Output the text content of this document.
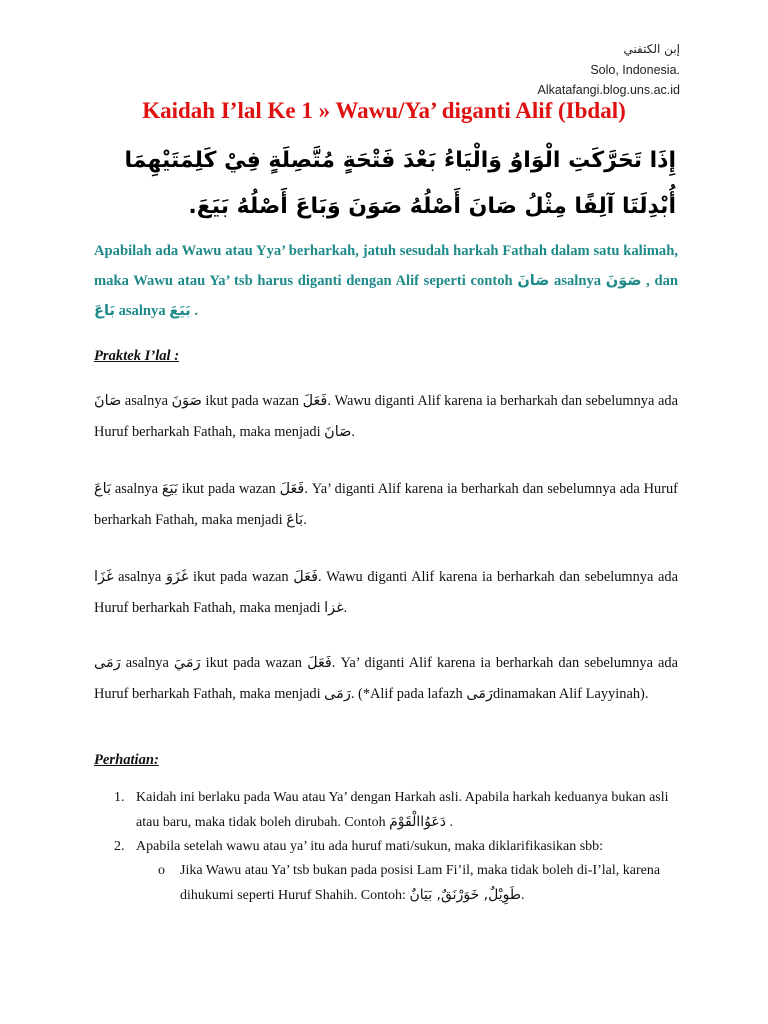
إبن الكتفني
Solo, Indonesia.
Alkatafangi.blog.uns.ac.id
Kaidah I’lal Ke 1 » Wawu/Ya’ diganti Alif (Ibdal)
إِذَا تَحَرَّكَتِ الْوَاوُ وَالْيَاءُ بَعْدَ فَتْحَةٍ مُتَّصِلَةٍ فِيْ كَلِمَتَيْهِمَا أُبْدِلَتَا آلِفًا مِثْلُ صَانَ أَصْلُهُ صَوَنَ وَبَاعَ أَصْلُهُ بَيَعَ.
Apabilah ada Wawu atau Yya’ berharkah, jatuh sesudah harkah Fathah dalam satu kalimah, maka Wawu atau Ya’ tsb harus diganti dengan Alif seperti contoh صَانَ asalnya صَوَنَ , dan بَاعَ asalnya بَيَعَ .
Praktek I’lal :
صَانَ asalnya صَوَنَ ikut pada wazan فَعَلَ. Wawu diganti Alif karena ia berharkah dan sebelumnya ada Huruf berharkah Fathah, maka menjadi صَانَ.
بَاعَ asalnya بَيَعَ ikut pada wazan فَعَلَ. Ya’ diganti Alif karena ia berharkah dan sebelumnya ada Huruf berharkah Fathah, maka menjadi بَاعَ.
غَزَا asalnya غَزَوَ ikut pada wazan فَعَلَ. Wawu diganti Alif karena ia berharkah dan sebelumnya ada Huruf berharkah Fathah, maka menjadi غزا.
رَمَى asalnya رَمَيَ ikut pada wazan فَعَلَ. Ya’ diganti Alif karena ia berharkah dan sebelumnya ada Huruf berharkah Fathah, maka menjadi رَمَى. (*Alif pada lafazh رَمَىdinamakan Alif Layyinah).
Perhatian:
1. Kaidah ini berlaku pada Wau atau Ya’ dengan Harkah asli. Apabila harkah keduanya bukan asli atau baru, maka tidak boleh dirubah. Contoh دَعَوُاالْقَوْمَ .
2. Apabila setelah wawu atau ya’ itu ada huruf mati/sukun, maka diklarifikasikan sbb:
o Jika Wawu atau Ya’ tsb bukan pada posisi Lam Fi’il, maka tidak boleh di-I’lal, karena dihukumi seperti Huruf Shahih. Contoh: طَوِيْلٌ, خَوَرْنَقٌ, بَيَانٌ.
